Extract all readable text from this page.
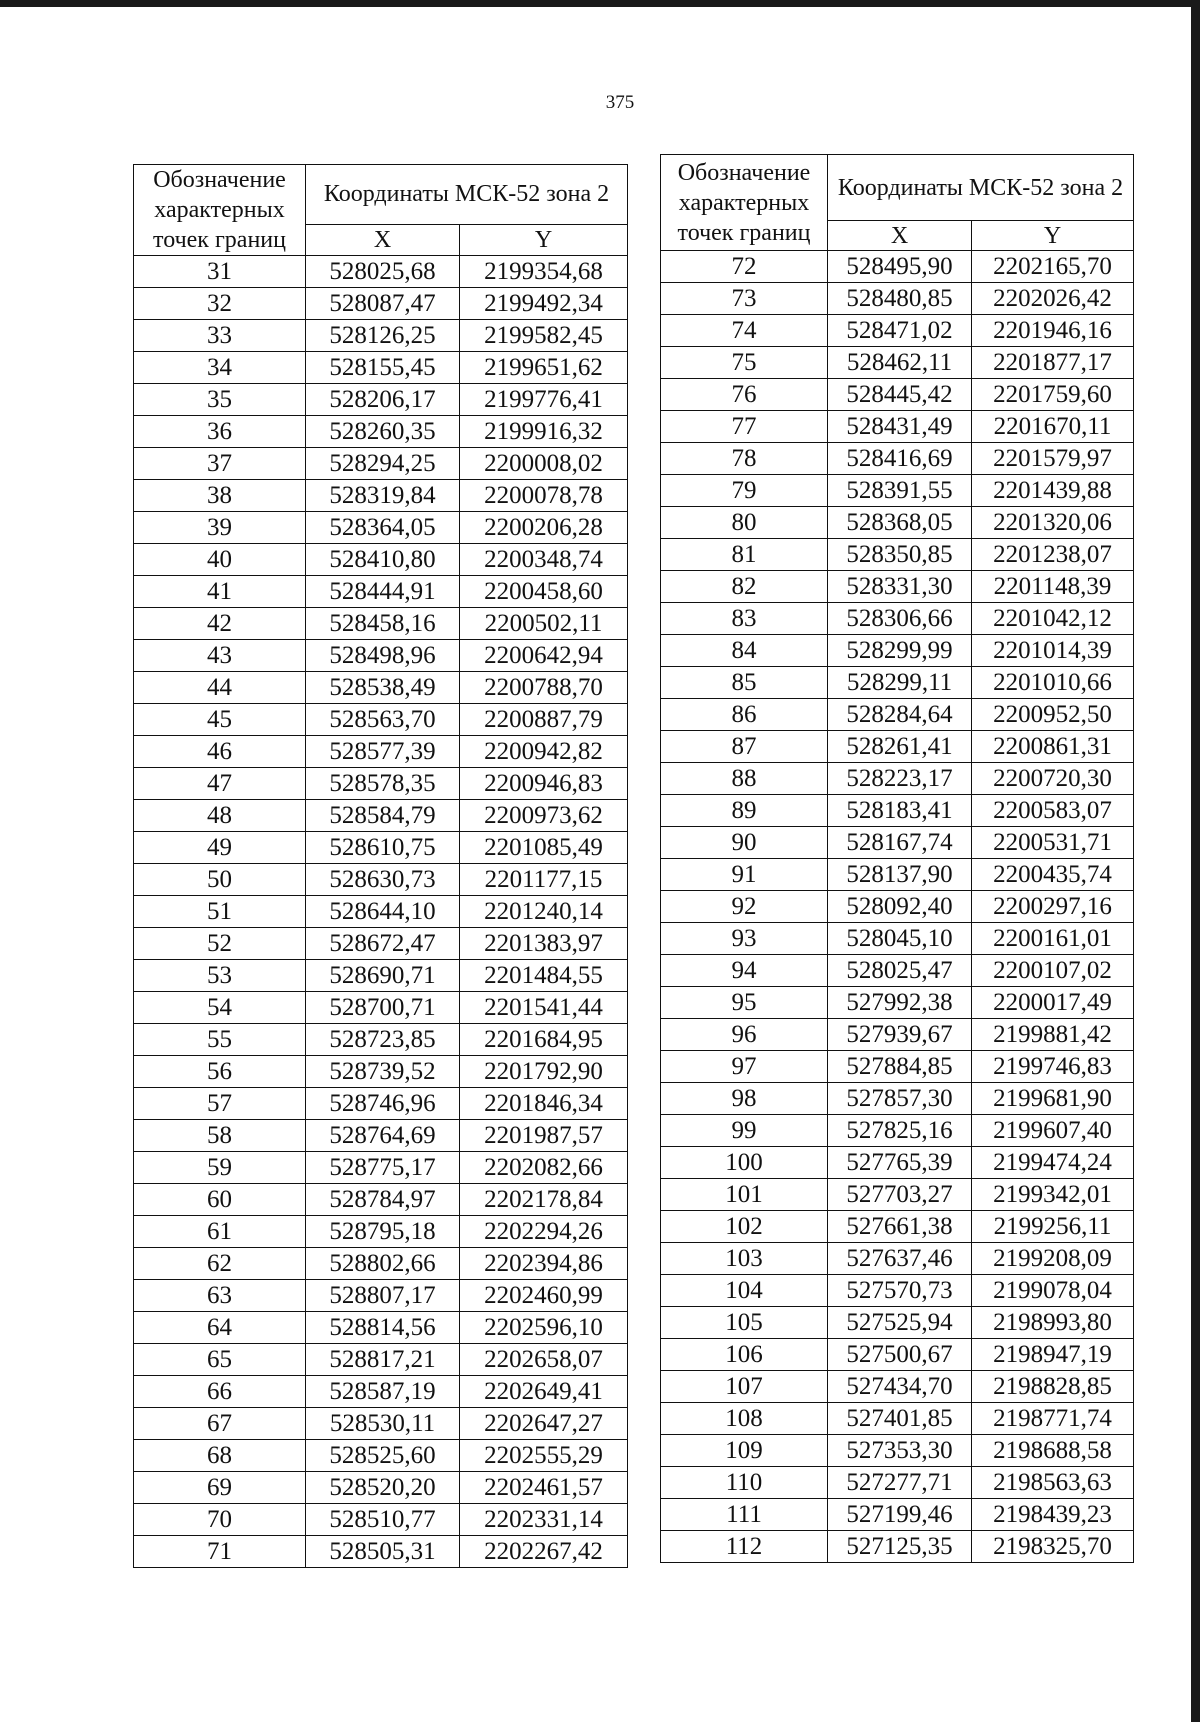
375
Обозначение характерных точек границ	Координаты МСК-52 зона 2	
	X	Y
31	528025,68	2199354,68
32	528087,47	2199492,34
33	528126,25	2199582,45
34	528155,45	2199651,62
35	528206,17	2199776,41
36	528260,35	2199916,32
37	528294,25	2200008,02
38	528319,84	2200078,78
39	528364,05	2200206,28
40	528410,80	2200348,74
41	528444,91	2200458,60
42	528458,16	2200502,11
43	528498,96	2200642,94
44	528538,49	2200788,70
45	528563,70	2200887,79
46	528577,39	2200942,82
47	528578,35	2200946,83
48	528584,79	2200973,62
49	528610,75	2201085,49
50	528630,73	2201177,15
51	528644,10	2201240,14
52	528672,47	2201383,97
53	528690,71	2201484,55
54	528700,71	2201541,44
55	528723,85	2201684,95
56	528739,52	2201792,90
57	528746,96	2201846,34
58	528764,69	2201987,57
59	528775,17	2202082,66
60	528784,97	2202178,84
61	528795,18	2202294,26
62	528802,66	2202394,86
63	528807,17	2202460,99
64	528814,56	2202596,10
65	528817,21	2202658,07
66	528587,19	2202649,41
67	528530,11	2202647,27
68	528525,60	2202555,29
69	528520,20	2202461,57
70	528510,77	2202331,14
71	528505,31	2202267,42
Обозначение характерных точек границ	Координаты МСК-52 зона 2	
	X	Y
72	528495,90	2202165,70
73	528480,85	2202026,42
74	528471,02	2201946,16
75	528462,11	2201877,17
76	528445,42	2201759,60
77	528431,49	2201670,11
78	528416,69	2201579,97
79	528391,55	2201439,88
80	528368,05	2201320,06
81	528350,85	2201238,07
82	528331,30	2201148,39
83	528306,66	2201042,12
84	528299,99	2201014,39
85	528299,11	2201010,66
86	528284,64	2200952,50
87	528261,41	2200861,31
88	528223,17	2200720,30
89	528183,41	2200583,07
90	528167,74	2200531,71
91	528137,90	2200435,74
92	528092,40	2200297,16
93	528045,10	2200161,01
94	528025,47	2200107,02
95	527992,38	2200017,49
96	527939,67	2199881,42
97	527884,85	2199746,83
98	527857,30	2199681,90
99	527825,16	2199607,40
100	527765,39	2199474,24
101	527703,27	2199342,01
102	527661,38	2199256,11
103	527637,46	2199208,09
104	527570,73	2199078,04
105	527525,94	2198993,80
106	527500,67	2198947,19
107	527434,70	2198828,85
108	527401,85	2198771,74
109	527353,30	2198688,58
110	527277,71	2198563,63
111	527199,46	2198439,23
112	527125,35	2198325,70
